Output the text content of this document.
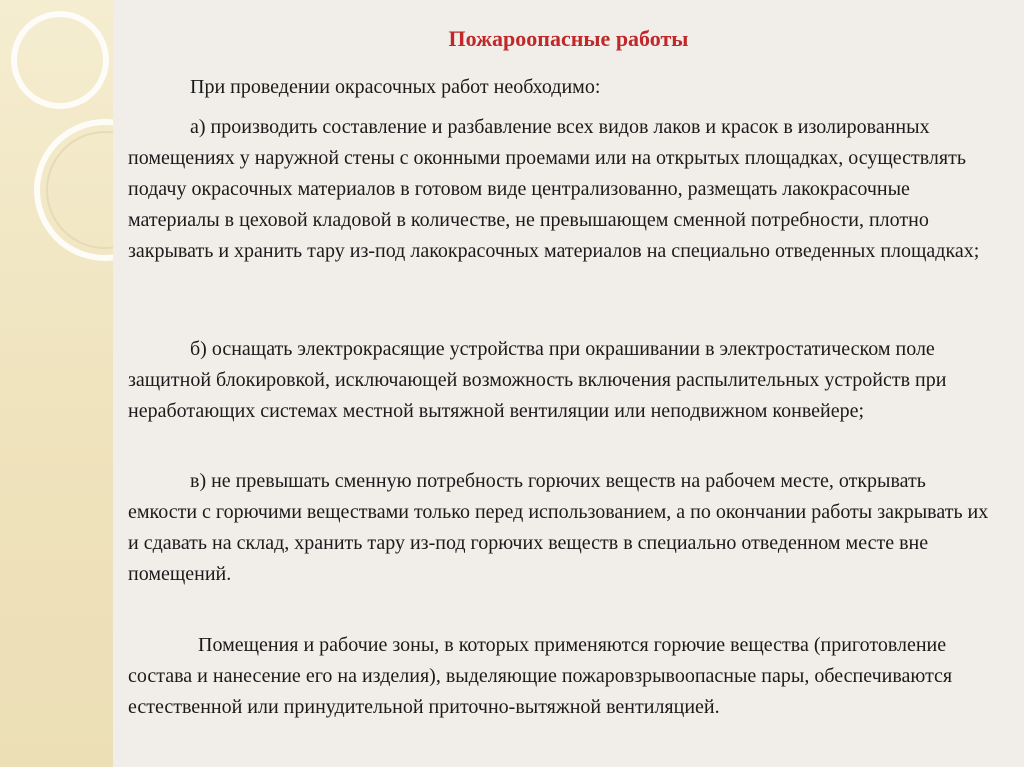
Пожароопасные работы

При проведении окрасочных работ необходимо:

а) производить составление и разбавление всех видов лаков и красок в изолированных помещениях у наружной стены с оконными проемами или на открытых площадках, осуществлять подачу окрасочных материалов в готовом виде централизованно, размещать лакокрасочные материалы в цеховой кладовой в количестве, не превышающем сменной потребности, плотно закрывать и хранить тару из-под лакокрасочных материалов на специально отведенных площадках;

б) оснащать электрокрасящие устройства при окрашивании в электростатическом поле защитной блокировкой, исключающей возможность включения распылительных устройств при неработающих системах местной вытяжной вентиляции или неподвижном конвейере;

в) не превышать сменную потребность горючих веществ на рабочем месте, открывать емкости с горючими веществами только перед использованием, а по окончании работы закрывать их и сдавать на склад, хранить тару из-под горючих веществ в специально отведенном месте вне помещений.

Помещения и рабочие зоны, в которых применяются горючие вещества (приготовление состава и нанесение его на изделия), выделяющие пожаровзрывоопасные пары, обеспечиваются естественной или принудительной приточно-вытяжной вентиляцией.
